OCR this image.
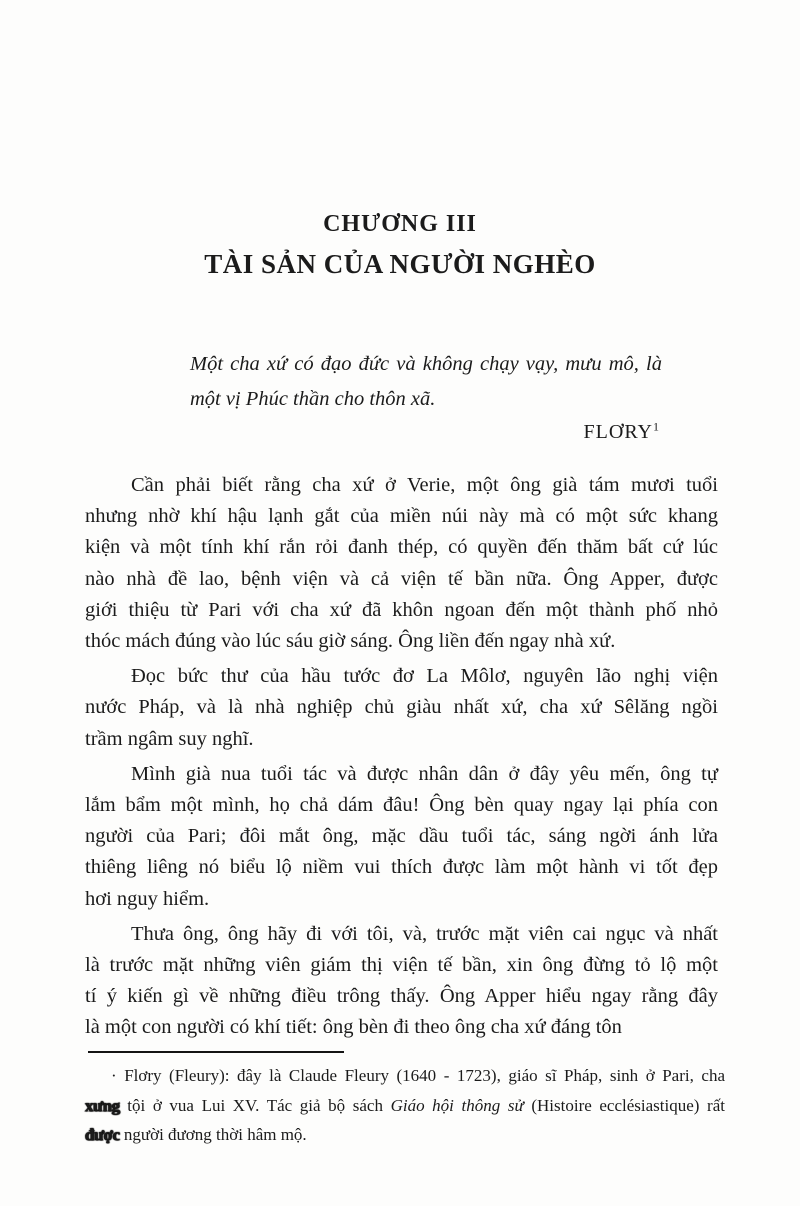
CHƯƠNG III
TÀI SẢN CỦA NGƯỜI NGHÈO
Một cha xứ có đạo đức và không chạy vạy, mưu mô, là
một vị Phúc thần cho thôn xã.
FLƠRY$^1$
Cần phải biết rằng cha xứ ở Verie, một ông già tám mươi tuổi
nhưng nhờ khí hậu lạnh gắt của miền núi này mà có một sức khang
kiện và một tính khí rắn rỏi đanh thép, có quyền đến thăm bất cứ lúc
nào nhà đề lao, bệnh viện và cả viện tế bần nữa. Ông Apper, được
giới thiệu từ Pari với cha xứ đã khôn ngoan đến một thành phố nhỏ
thóc mách đúng vào lúc sáu giờ sáng. Ông liền đến ngay nhà xứ.
Đọc bức thư của hầu tước đơ La Môlơ, nguyên lão nghị viện
nước Pháp, và là nhà nghiệp chủ giàu nhất xứ, cha xứ Sêlăng ngồi
trầm ngâm suy nghĩ.
Mình già nua tuổi tác và được nhân dân ở đây yêu mến, ông tự
lắm bẩm một mình, họ chả dám đâu! Ông bèn quay ngay lại phía con
người của Pari; đôi mắt ông, mặc dầu tuổi tác, sáng ngời ánh lửa
thiêng liêng nó biểu lộ niềm vui thích được làm một hành vi tốt đẹp
hơi nguy hiểm.
Thưa ông, ông hãy đi với tôi, và, trước mặt viên cai ngục và nhất
là trước mặt những viên giám thị viện tế bần, xin ông đừng tỏ lộ một
tí ý kiến gì về những điều trông thấy. Ông Apper hiểu ngay rằng đây
là một con người có khí tiết: ông bèn đi theo ông cha xứ đáng tôn
· Flơry (Fleury): đây là Claude Fleury (1640 - 1723), giáo sĩ Pháp, sinh ở Pari, cha
xưng tội ở vua Lui XV. Tác giả bộ sách Giáo hội thông sử (Histoire ecclésiastique) rất
được người đương thời hâm mộ.
